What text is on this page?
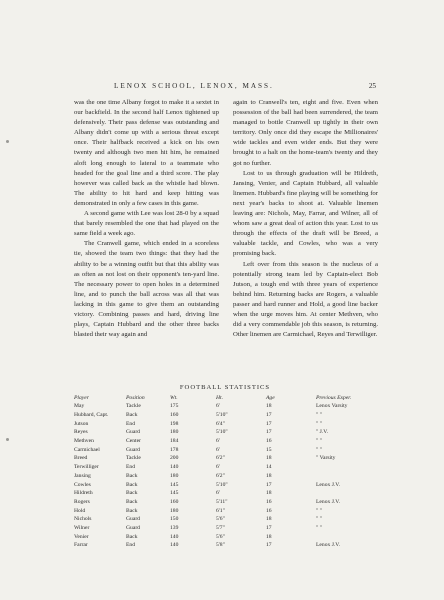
LENOX SCHOOL, LENOX, MASS.	25

was the one time Albany forgot to make it a sextet in our backfield. In the second half Lenox tightened up defensively. Their pass defense was outstanding and Albany didn't come up with a serious threat except once. Their halfback received a kick on his own twenty and although two men hit him, he remained aloft long enough to lateral to a teammate who headed for the goal line and a third score. The play however was called back as the whistle had blown. The ability to hit hard and keep hitting was demonstrated in only a few cases in this game.

A second game with Lee was lost 28-0 by a squad that barely resembled the one that had played on the same field a week ago.

The Cranwell game, which ended in a scoreless tie, showed the team two things: that they had the ability to be a winning outfit but that this ability was as often as not lost on their opponent's ten-yard line. The necessary power to open holes in a determined line, and to punch the ball across was all that was lacking in this game to give them an outstanding victory. Combining passes and hard, driving line plays, Captain Hubbard and the other three backs blasted their way again and

again to Cranwell's ten, eight and five. Even when possession of the ball had been surrendered, the team managed to bottle Cranwell up tightly in their own territory. Only once did they escape the Millionaires' wide tackles and even wider ends. But they were brought to a halt on the home-team's twenty and they got no further.

Lost to us through graduation will be Hildreth, Jansing, Venier, and Captain Hubbard, all valuable linemen. Hubbard's fine playing will be something for next year's backs to shoot at. Valuable linemen leaving are: Nichols, May, Farrar, and Wilner, all of whom saw a great deal of action this year. Lost to us through the effects of the draft will be Breed, a valuable tackle, and Cowles, who was a very promising back.

Left over from this season is the nucleus of a potentially strong team led by Captain-elect Bob Jutson, a tough end with three years of experience behind him. Returning backs are Rogers, a valuable passer and hard runner and Hold, a good line backer when the urge moves him. At center Methven, who did a very commendable job this season, is returning. Other linemen are Carmichael, Reyes and Terwilliger.

FOOTBALL STATISTICS
Player	Position	Wt.	Ht.	Age	Previous Exper.
May	Tackle	175	6'	18	Lenox Varsity
Hubbard, Capt.	Back	160	5'10"	17	" "
Jutson	End	198	6'4"	17	" "
Reyes	Guard	180	5'10"	17	" J.V.
Methven	Center	184	6'	16	" "
Carmichael	Guard	178	6'	15	" "
Breed	Tackle	200	6'2"	18	" Varsity
Terwilliger	End	140	6'	14	
Jansing	Back	180	6'2"	18	
Cowles	Back	145	5'10"	17	Lenox J.V.
Hildreth	Back	145	6'	18	
Rogers	Back	160	5'11"	16	Lenox J.V.
Hold	Back	180	6'1"	16	" "
Nichols	Guard	150	5'6"	18	" "
Wilner	Guard	139	5'7"	17	" "
Venier	Back	140	5'6"	18	
Farrar	End	140	5'8"	17	Lenox J.V.
